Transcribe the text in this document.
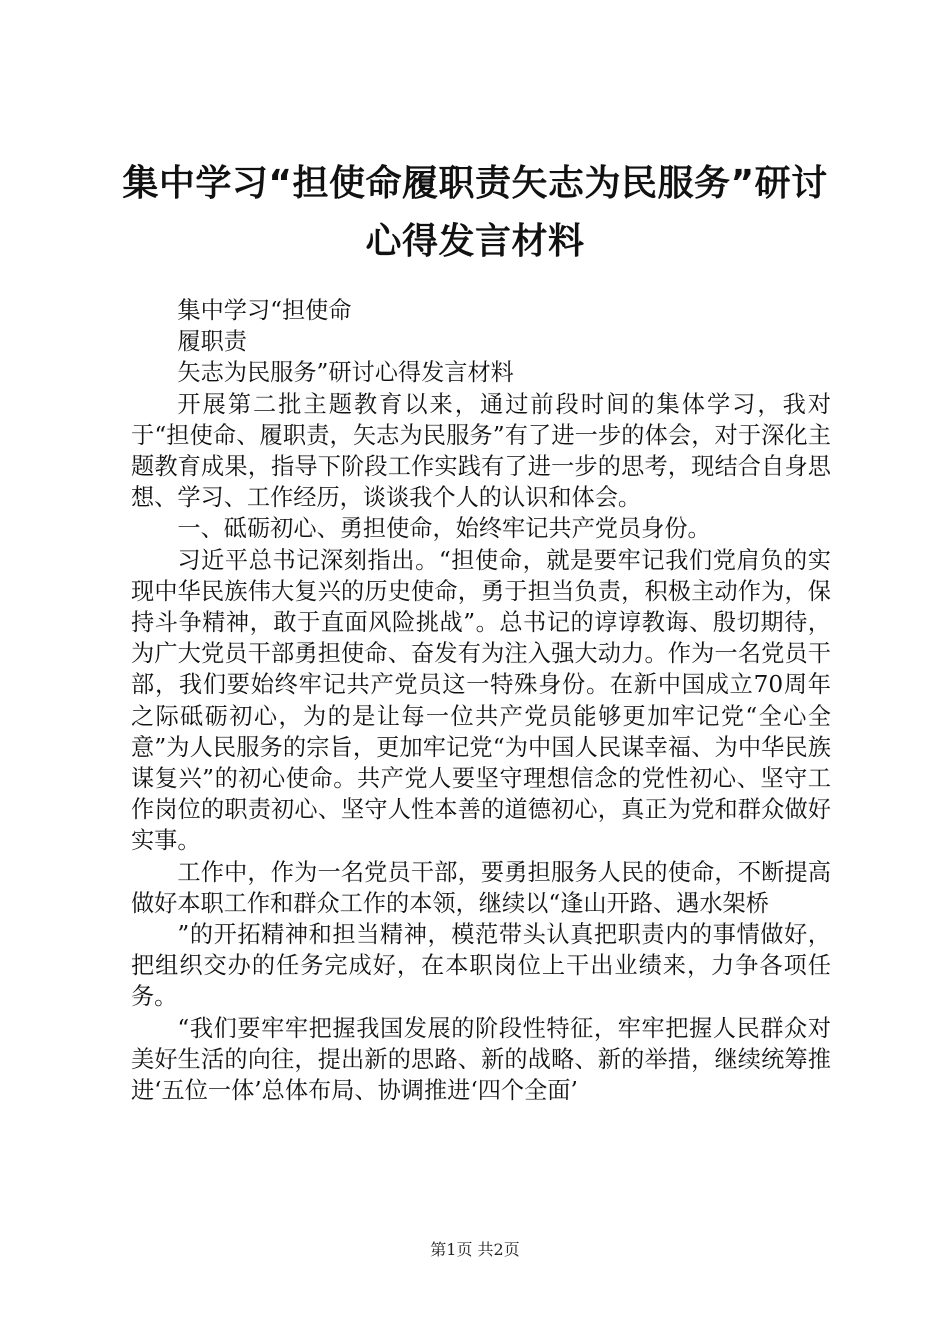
集中学习“担使命履职责矢志为民服务”研讨
心得发言材料

集中学习“担使命

履职责

矢志为民服务”研讨心得发言材料

开展第二批主题教育以来，通过前段时间的集体学习，我对于“担使命、履职责，矢志为民服务”有了进一步的体会，对于深化主题教育成果，指导下阶段工作实践有了进一步的思考，现结合自身思想、学习、工作经历，谈谈我个人的认识和体会。

一、砥砺初心、勇担使命，始终牢记共产党员身份。

习近平总书记深刻指出。“担使命，就是要牢记我们党肩负的实现中华民族伟大复兴的历史使命，勇于担当负责，积极主动作为，保持斗争精神，敢于直面风险挑战”。总书记的谆谆教诲、殷切期待，为广大党员干部勇担使命、奋发有为注入强大动力。作为一名党员干部，我们要始终牢记共产党员这一特殊身份。在新中国成立70周年之际砥砺初心，为的是让每一位共产党员能够更加牢记党“全心全意”为人民服务的宗旨，更加牢记党“为中国人民谋幸福、为中华民族谋复兴”的初心使命。共产党人要坚守理想信念的党性初心、坚守工作岗位的职责初心、坚守人性本善的道德初心，真正为党和群众做好实事。

工作中，作为一名党员干部，要勇担服务人民的使命，不断提高做好本职工作和群众工作的本领，继续以“逢山开路、遇水架桥

”的开拓精神和担当精神，模范带头认真把职责内的事情做好，把组织交办的任务完成好，在本职岗位上干出业绩来，力争各项任务。

“我们要牢牢把握我国发展的阶段性特征，牢牢把握人民群众对美好生活的向往，提出新的思路、新的战略、新的举措，继续统筹推进‘五位一体’总体布局、协调推进‘四个全面’

第1页 共2页
